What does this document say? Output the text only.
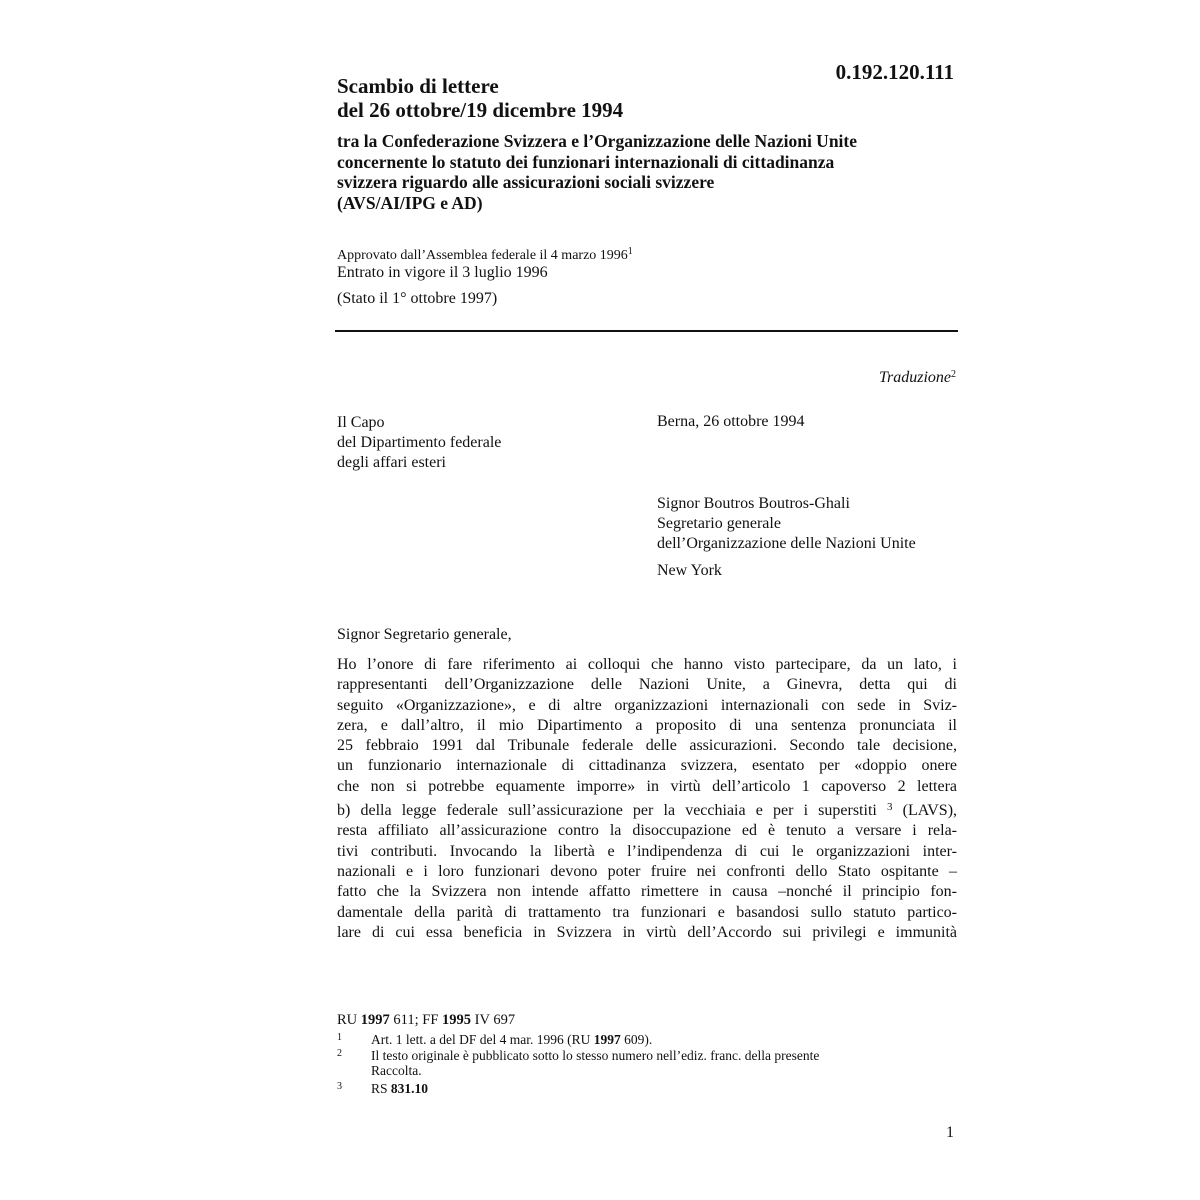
0.192.120.111
Scambio di lettere
del 26 ottobre/19 dicembre 1994
tra la Confederazione Svizzera e l’Organizzazione delle Nazioni Unite
concernente lo statuto dei funzionari internazionali di cittadinanza
svizzera riguardo alle assicurazioni sociali svizzere
(AVS/AI/IPG e AD)
Approvato dall’Assemblea federale il 4 marzo 1996$^1$
Entrato in vigore il 3 luglio 1996
(Stato il 1° ottobre 1997)
Traduzione$^2$
Il Capo
del Dipartimento federale
degli affari esteri
Berna, 26 ottobre 1994
Signor Boutros Boutros-Ghali
Segretario generale
dell’Organizzazione delle Nazioni Unite
New York
Signor Segretario generale,
Ho l’onore di fare riferimento ai colloqui che hanno visto partecipare, da un lato, i
rappresentanti dell’Organizzazione delle Nazioni Unite, a Ginevra, detta qui di
seguito «Organizzazione», e di altre organizzazioni internazionali con sede in Sviz-
zera, e dall’altro, il mio Dipartimento a proposito di una sentenza pronunciata il
25 febbraio 1991 dal Tribunale federale delle assicurazioni. Secondo tale decisione,
un funzionario internazionale di cittadinanza svizzera, esentato per «doppio onere
che non si potrebbe equamente imporre» in virtù dell’articolo 1 capoverso 2 lettera
b) della legge federale sull’assicurazione per la vecchiaia e per i superstiti $^3$ (LAVS),
resta affiliato all’assicurazione contro la disoccupazione ed è tenuto a versare i rela-
tivi contributi. Invocando la libertà e l’indipendenza di cui le organizzazioni inter-
nazionali e i loro funzionari devono poter fruire nei confronti dello Stato ospitante –
fatto che la Svizzera non intende affatto rimettere in causa –nonché il principio fon-
damentale della parità di trattamento tra funzionari e basandosi sullo statuto partico-
lare di cui essa beneficia in Svizzera in virtù dell’Accordo sui privilegi e immunità
RU 1997 611; FF 1995 IV 697
1 Art. 1 lett. a del DF del 4 mar. 1996 (RU 1997 609).
2 Il testo originale è pubblicato sotto lo stesso numero nell’ediz. franc. della presente
Raccolta.
3 RS 831.10
1
